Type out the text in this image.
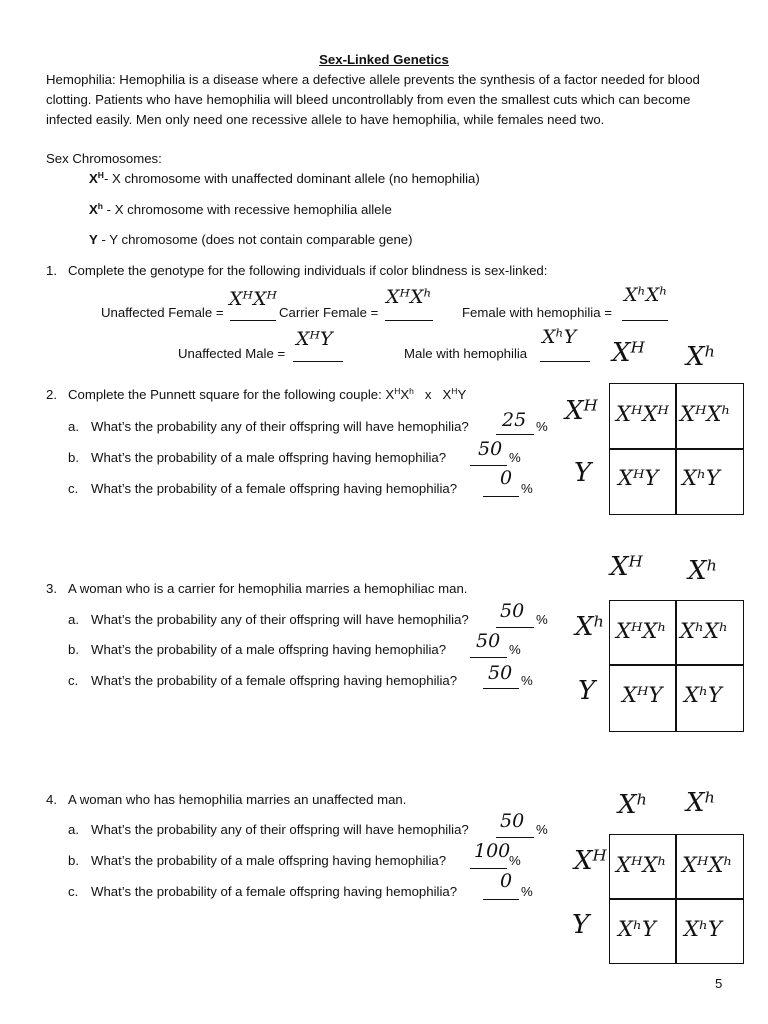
Sex-Linked Genetics
Hemophilia: Hemophilia is a disease where a defective allele prevents the synthesis of a factor needed for blood clotting. Patients who have hemophilia will bleed uncontrollably from even the smallest cuts which can become infected easily. Men only need one recessive allele to have hemophilia, while females need two.
Sex Chromosomes:
$X^H-$ X chromosome with unaffected dominant allele (no hemophilia)
$X^h$ - X chromosome with recessive hemophilia allele
Y - Y chromosome (does not contain comparable gene)
1. Complete the genotype for the following individuals if color blindness is sex-linked:
Unaffected Female =
XᴴXᴴ
Carrier Female =
XᴴXʰ
Female with hemophilia =
XʰXʰ
Unaffected Male =
XᴴY
Male with hemophilia
XʰY
2. Complete the Punnett square for the following couple: $X^HX^h$ x   $X^HY$
a. What’s the probability any of their offspring will have hemophilia? 25 %
b. What’s the probability of a male offspring having hemophilia? 50 %
c. What’s the probability of a female offspring having hemophilia? 0 %
Xᴴ Xʰ
Xᴴ
Y
XᴴXᴴ XᴴXʰ
XᴴY XʰY
3. A woman who is a carrier for hemophilia marries a hemophiliac man.
a. What’s the probability any of their offspring will have hemophilia? 50 %
b. What’s the probability of a male offspring having hemophilia? 50 %
c. What’s the probability of a female offspring having hemophilia? 50 %
Xᴴ Xʰ
Xʰ
Y
XᴴXʰ XʰXʰ
XᴴY XʰY
4. A woman who has hemophilia marries an unaffected man.
a. What’s the probability any of their offspring will have hemophilia? 50 %
b. What’s the probability of a male offspring having hemophilia? 100
%
c. What’s the probability of a female offspring having hemophilia? 0 %
Xʰ Xʰ
Xᴴ
Y
XᴴXʰ XᴴXʰ
XʰY XʰY
5
